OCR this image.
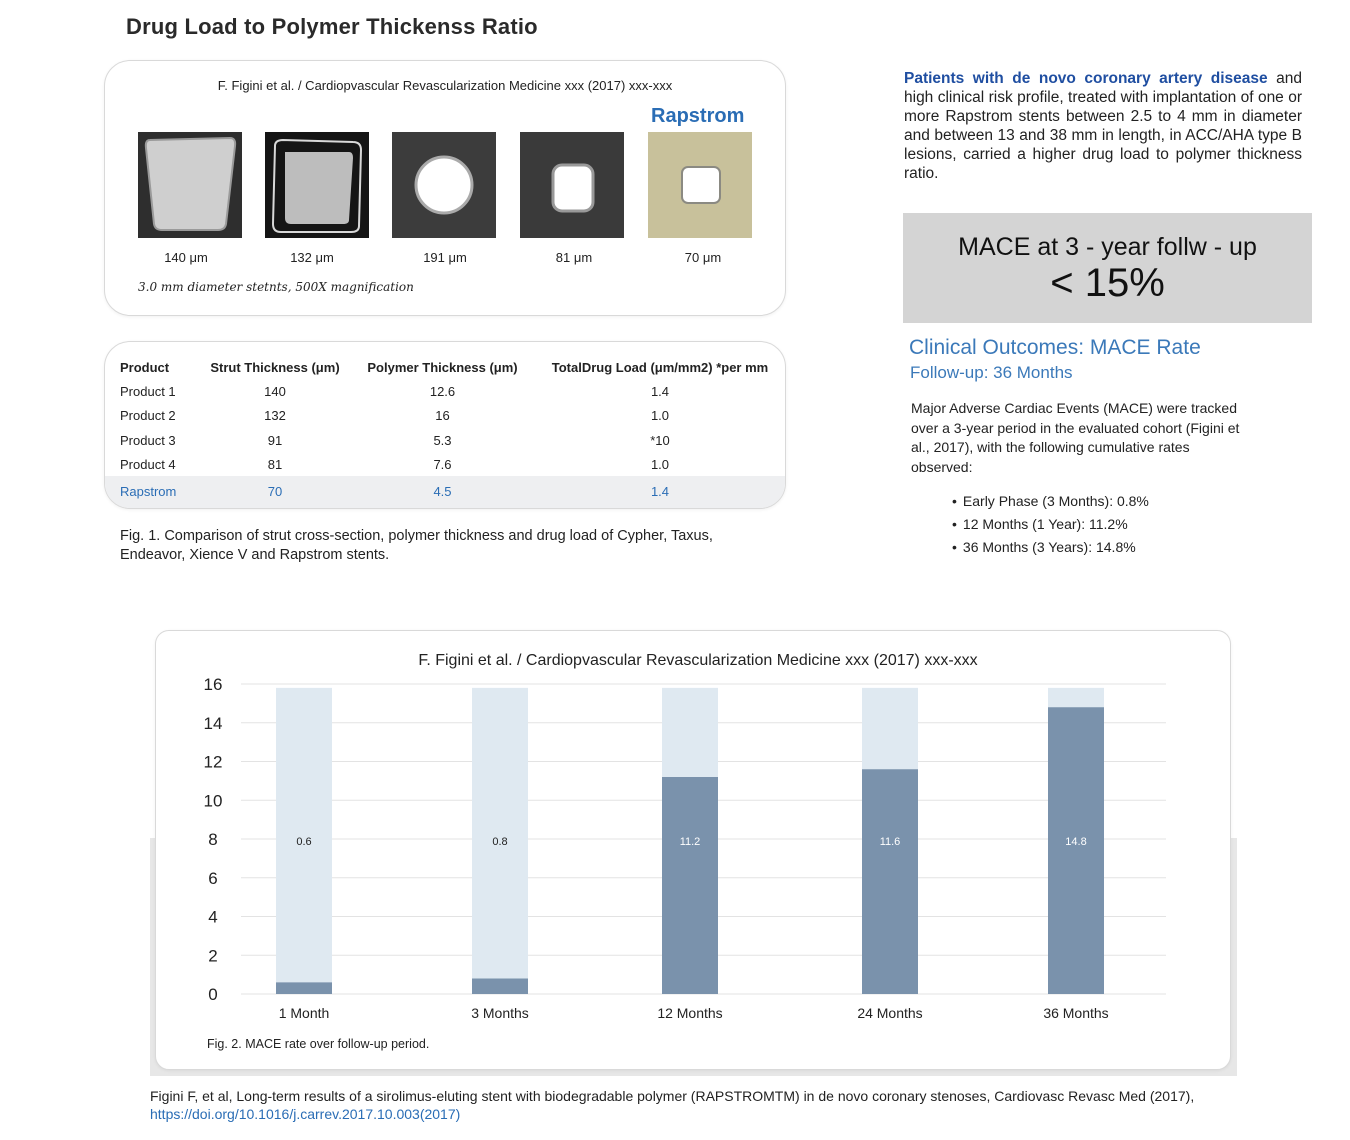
Drug Load to Polymer Thickenss Ratio
F. Figini et al. / Cardiopvascular Revascularization Medicine xxx (2017) xxx-xxx
Rapstrom
140 μm	132 μm	191 μm	81 μm	70 μm
3.0 mm diameter stetnts, 500X magnification
Product	Strut Thickness (μm)	Polymer Thickness (μm)	TotalDrug Load (μm/mm2) *per mm
Product 1	140	12.6	1.4
Product 2	132	16	1.0
Product 3	91	5.3	*10
Product 4	81	7.6	1.0
Rapstrom	70	4.5	1.4
Fig. 1. Comparison of strut cross-section, polymer thickness and drug load of Cypher, Taxus, Endeavor, Xience V and Rapstrom stents.
Patients with de novo coronary artery disease and high clinical risk profile, treated with implantation of one or more Rapstrom stents between 2.5 to 4 mm in diameter and between 13 and 38 mm in length, in ACC/AHA type B lesions, carried a higher drug load to polymer thickness ratio.
MACE at 3 - year follw - up
< 15%
Clinical Outcomes: MACE Rate
Follow-up: 36 Months
Major Adverse Cardiac Events (MACE) were tracked over a 3-year period in the evaluated cohort (Figini et al., 2017), with the following cumulative rates observed:
• Early Phase (3 Months): 0.8%
• 12 Months (1 Year): 11.2%
• 36 Months (3 Years): 14.8%
F. Figini et al. / Cardiopvascular Revascularization Medicine xxx (2017) xxx-xxx
0
2
4
6
8
10
12
14
16
0.6
1 Month
0.8
3 Months
11.2
12 Months
11.6
24 Months
14.8
36 Months
Fig. 2. MACE rate over follow-up period.
Figini F, et al, Long-term results of a sirolimus-eluting stent with biodegradable polymer (RAPSTROMTM) in de novo coronary stenoses, Cardiovasc Revasc Med (2017), https://doi.org/10.1016/j.carrev.2017.10.003(2017)
